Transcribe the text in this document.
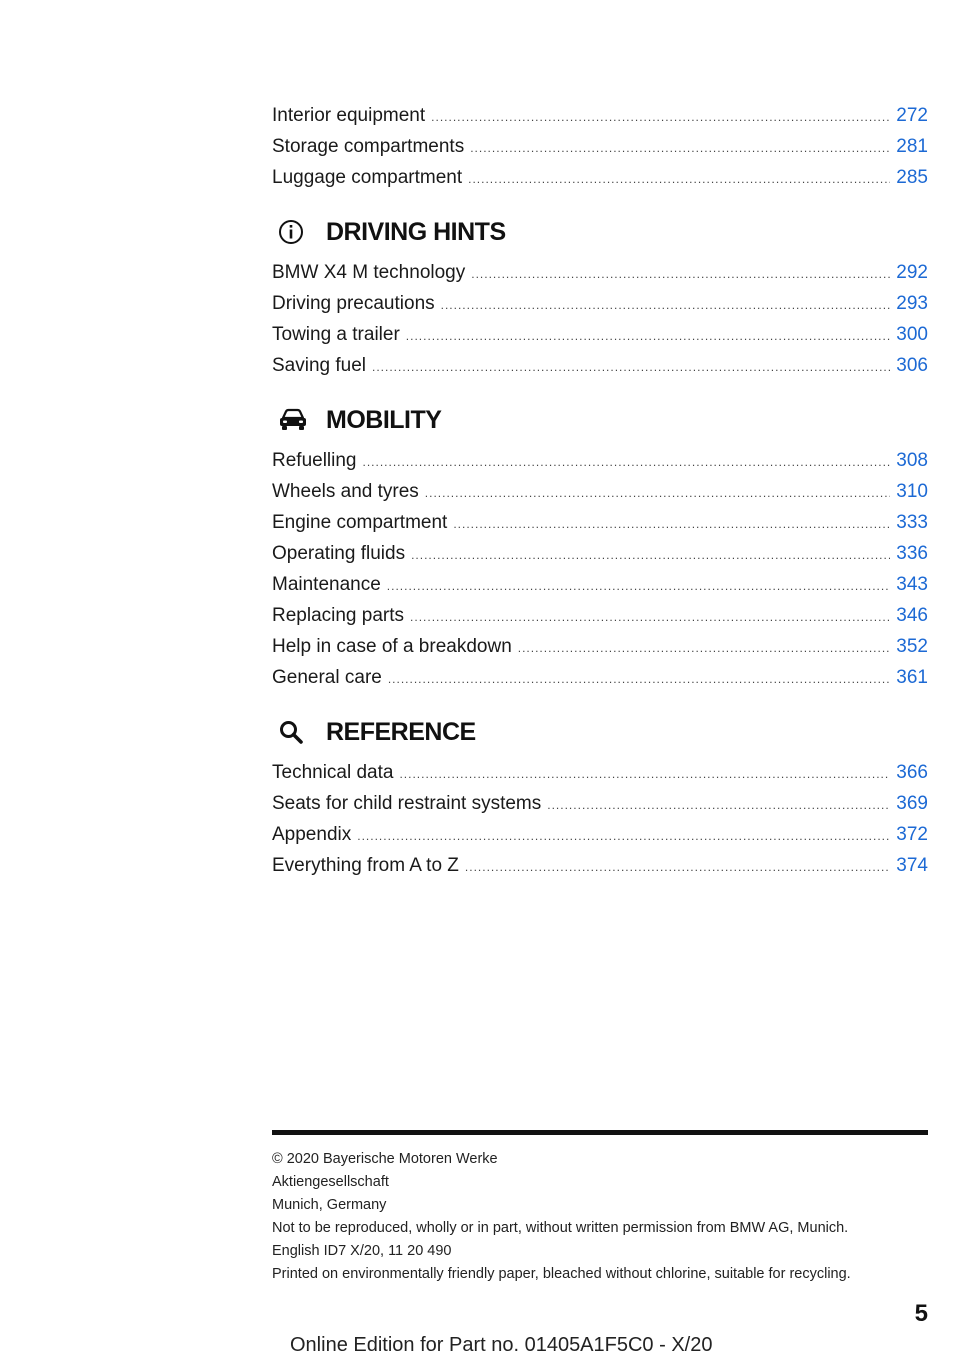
Interior equipment .....	272
Storage compartments .....	281
Luggage compartment .....	285
DRIVING HINTS
BMW X4 M technology .....	292
Driving precautions .....	293
Towing a trailer .....	300
Saving fuel .....	306
MOBILITY
Refuelling .....	308
Wheels and tyres .....	310
Engine compartment .....	333
Operating fluids .....	336
Maintenance .....	343
Replacing parts .....	346
Help in case of a breakdown .....	352
General care .....	361
REFERENCE
Technical data .....	366
Seats for child restraint systems .....	369
Appendix .....	372
Everything from A to Z .....	374
© 2020 Bayerische Motoren Werke
Aktiengesellschaft
Munich, Germany
Not to be reproduced, wholly or in part, without written permission from BMW AG, Munich.
English ID7 X/20, 11 20 490
Printed on environmentally friendly paper, bleached without chlorine, suitable for recycling.
5
Online Edition for Part no. 01405A1F5C0 - X/20
